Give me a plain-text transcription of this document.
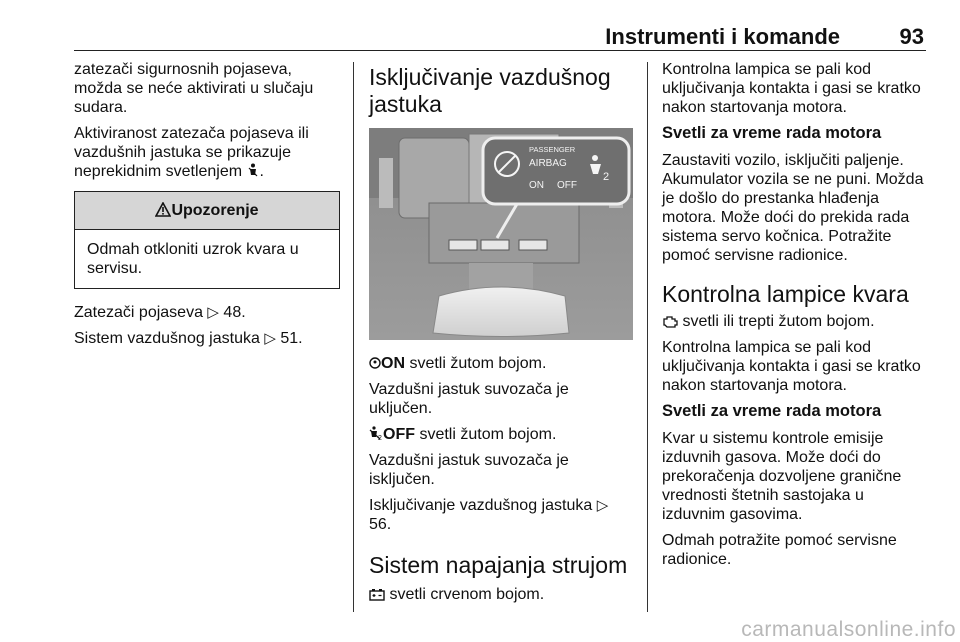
Instrumenti i komande	93

zatezači sigurnosnih pojaseva, možda se neće aktivirati u slučaju sudara.

Aktiviranost zatezača pojaseva ili vazdušnih jastuka se prikazuje neprekidnim svetlenjem .

Upozorenje
Odmah otkloniti uzrok kvara u servisu.

Zatezači pojaseva ▷ 48.

Sistem vazdušnog jastuka ▷ 51.

Isključivanje vazdušnog jastuka
PASSENGER
AIRBAG
ON OFF
2

ON svetli žutom bojom.

Vazdušni jastuk suvozača je uključen.

2 OFF svetli žutom bojom.

Vazdušni jastuk suvozača je isključen.

Isključivanje vazdušnog jastuka ▷ 56.

Sistem napajanja strujom

svetli crvenom bojom.

Kontrolna lampica se pali kod uključivanja kontakta i gasi se kratko nakon startovanja motora.

Svetli za vreme rada motora

Zaustaviti vozilo, isključiti paljenje. Akumulator vozila se ne puni. Možda je došlo do prestanka hlađenja motora. Može doći do prekida rada sistema servo kočnica. Potražite pomoć servisne radionice.

Kontrolna lampice kvara

svetli ili trepti žutom bojom.

Kontrolna lampica se pali kod uključivanja kontakta i gasi se kratko nakon startovanja motora.

Svetli za vreme rada motora

Kvar u sistemu kontrole emisije izduvnih gasova. Može doći do prekoračenja dozvoljene granične vrednosti štetnih sastojaka u izduvnim gasovima.

Odmah potražite pomoć servisne radionice.

carmanualsonline.info
